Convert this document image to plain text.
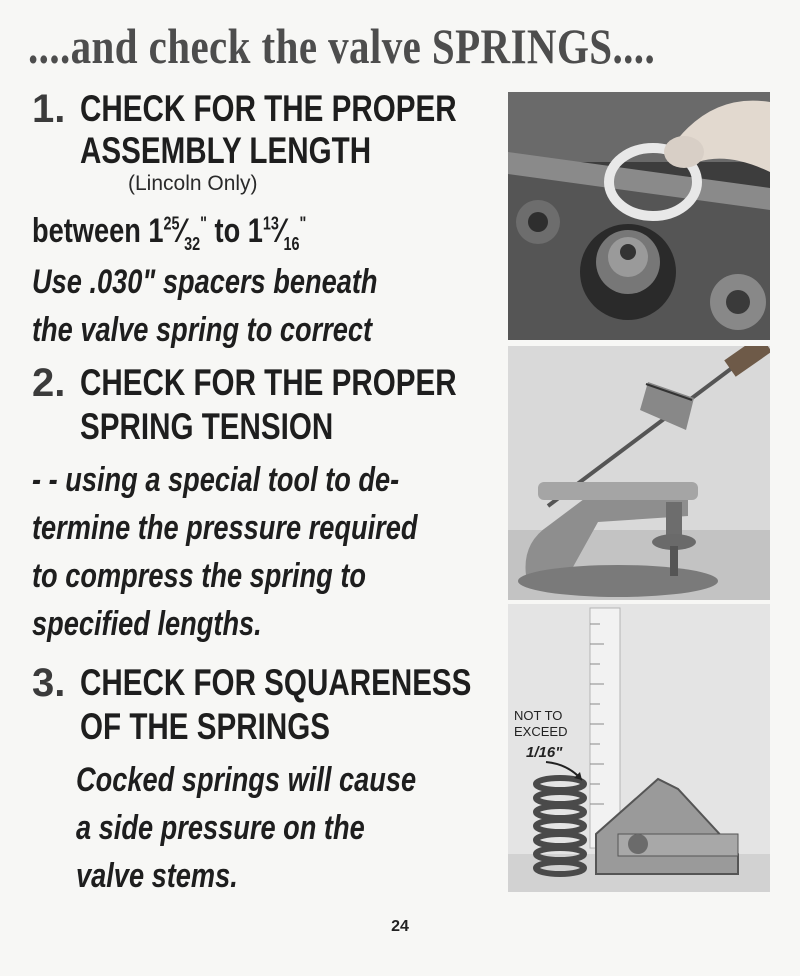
....and check the valve SPRINGS....
1. CHECK FOR THE PROPER
ASSEMBLY LENGTH
(Lincoln Only)
between $1^{25}⁄_{32}^"$ to $1^{13}⁄_{16}^"$
Use .030" spacers beneath
the valve spring to correct
2. CHECK FOR THE PROPER
SPRING TENSION
- - using a special tool to de-
termine the pressure required
to compress the spring to
specified lengths.
3. CHECK FOR SQUARENESS
OF THE SPRINGS
Cocked springs will cause
a side pressure on the
valve stems.
NOT TO
EXCEED
1/16"
24
